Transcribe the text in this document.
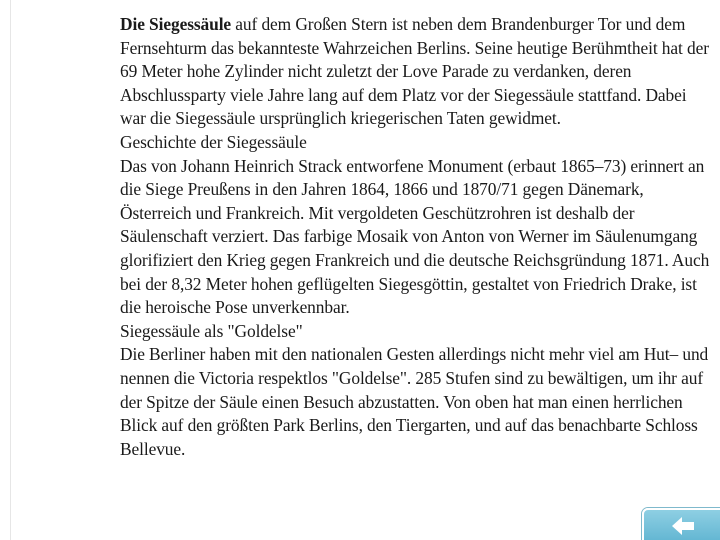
Die Siegessäule auf dem Großen Stern ist neben dem Brandenburger Tor und dem Fernsehturm das bekannteste Wahrzeichen Berlins. Seine heutige Berühmtheit hat der 69 Meter hohe Zylinder nicht zuletzt der Love Parade zu verdanken, deren Abschlussparty viele Jahre lang auf dem Platz vor der Siegessäule stattfand. Dabei war die Siegessäule ursprünglich kriegerischen Taten gewidmet.

Geschichte der Siegessäule

Das von Johann Heinrich Strack entworfene Monument (erbaut 1865–73) erinnert an die Siege Preußens in den Jahren 1864, 1866 und 1870/71 gegen Dänemark, Österreich und Frankreich. Mit vergoldeten Geschützrohren ist deshalb der Säulenschaft verziert. Das farbige Mosaik von Anton von Werner im Säulenumgang glorifiziert den Krieg gegen Frankreich und die deutsche Reichsgründung 1871. Auch bei der 8,32 Meter hohen geflügelten Siegesgöttin, gestaltet von Friedrich Drake, ist die heroische Pose unverkennbar.

Siegessäule als "Goldelse"

Die Berliner haben mit den nationalen Gesten allerdings nicht mehr viel am Hut– und nennen die Victoria respektlos "Goldelse". 285 Stufen sind zu bewältigen, um ihr auf der Spitze der Säule einen Besuch abzustatten. Von oben hat man einen herrlichen Blick auf den größten Park Berlins, den Tiergarten, und auf das benachbarte Schloss Bellevue.
